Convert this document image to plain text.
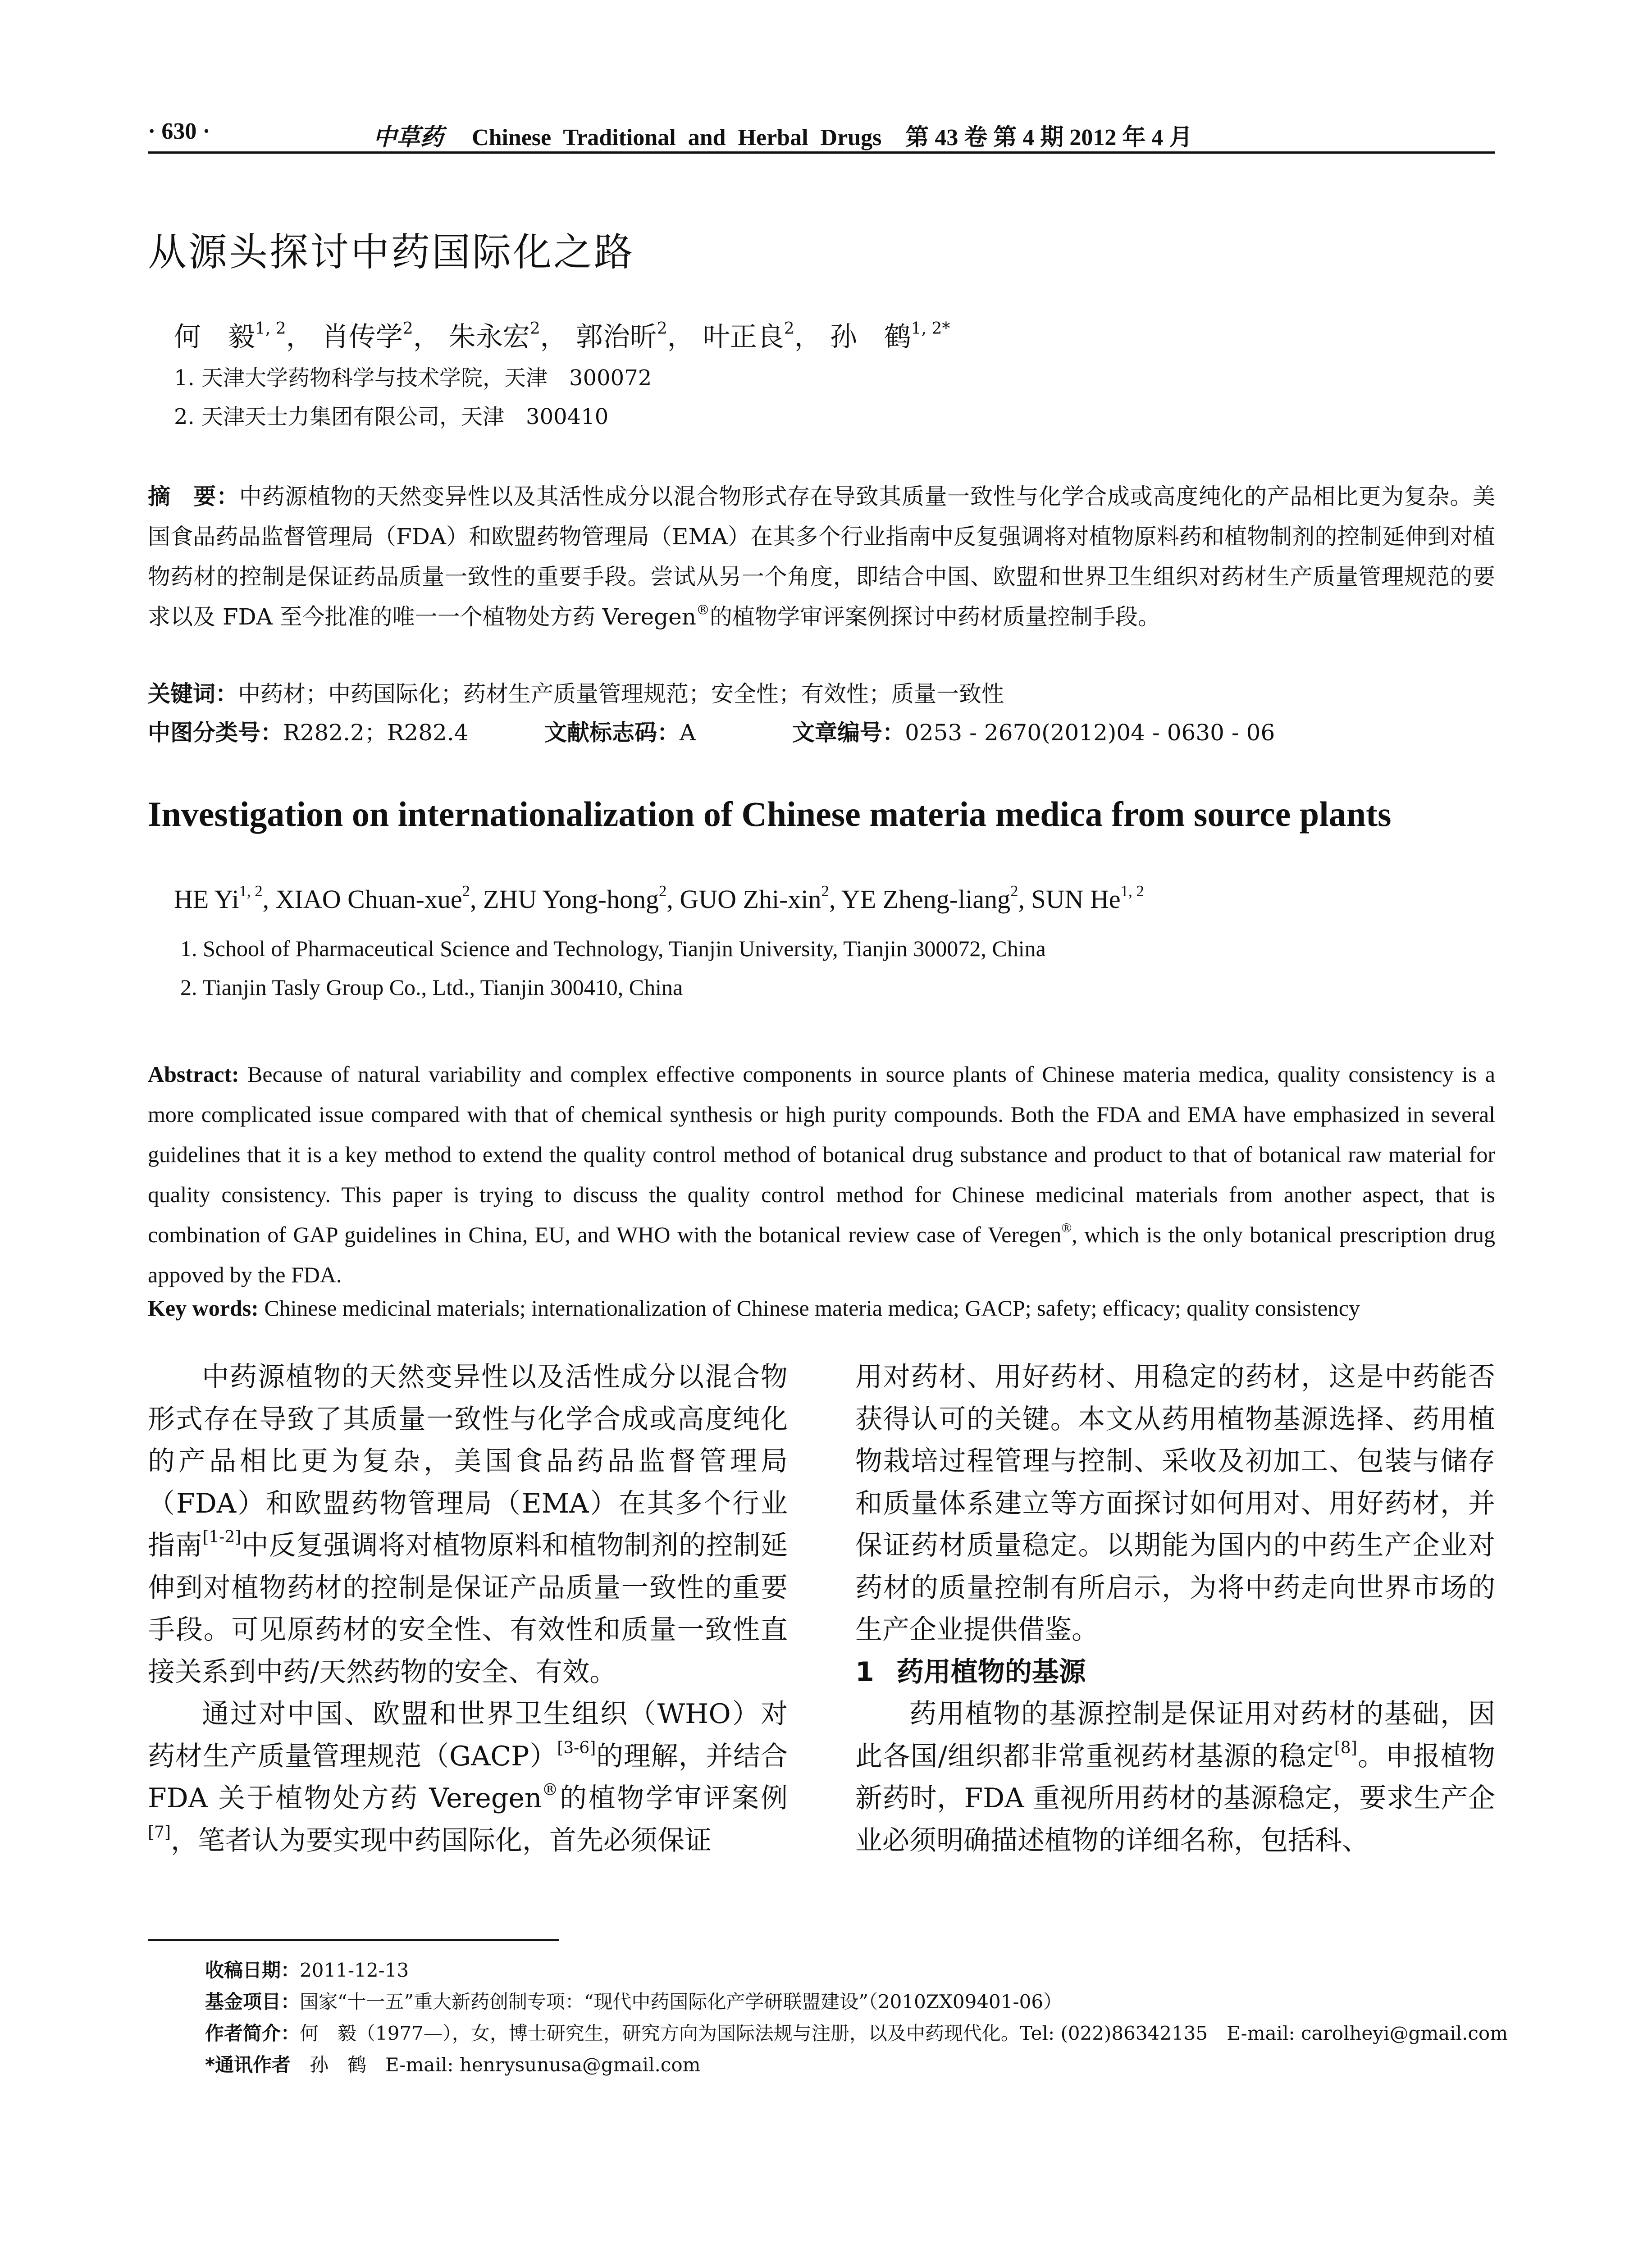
· 630 ·	中草药 Chinese Traditional and Herbal Drugs 第 43 卷 第 4 期 2012 年 4 月
从源头探讨中药国际化之路
何　毅$^{1, 2}$， 肖传学$^2$， 朱永宏$^2$， 郭治昕$^2$， 叶正良$^2$， 孙　鹤$^{1, 2*}$
1. 天津大学药物科学与技术学院，天津　300072
2. 天津天士力集团有限公司，天津　300410
摘　要：中药源植物的天然变异性以及其活性成分以混合物形式存在导致其质量一致性与化学合成或高度纯化的产品相比更为复杂。美国食品药品监督管理局（FDA）和欧盟药物管理局（EMA）在其多个行业指南中反复强调将对植物原料药和植物制剂的控制延伸到对植物药材的控制是保证药品质量一致性的重要手段。尝试从另一个角度，即结合中国、欧盟和世界卫生组织对药材生产质量管理规范的要求以及 FDA 至今批准的唯一一个植物处方药 Veregen®的植物学审评案例探讨中药材质量控制手段。
关键词：中药材；中药国际化；药材生产质量管理规范；安全性；有效性；质量一致性
中图分类号：R282.2；R282.4	文献标志码：A	文章编号：0253 - 2670(2012)04 - 0630 - 06
Investigation on internationalization of Chinese materia medica from source plants
HE Yi$^{1, 2}$, XIAO Chuan-xue$^2$, ZHU Yong-hong$^2$, GUO Zhi-xin$^2$, YE Zheng-liang$^2$, SUN He$^{1, 2}$
1. School of Pharmaceutical Science and Technology, Tianjin University, Tianjin 300072, China
2. Tianjin Tasly Group Co., Ltd., Tianjin 300410, China
Abstract: Because of natural variability and complex effective components in source plants of Chinese materia medica, quality consistency is a more complicated issue compared with that of chemical synthesis or high purity compounds. Both the FDA and EMA have emphasized in several guidelines that it is a key method to extend the quality control method of botanical drug substance and product to that of botanical raw material for quality consistency. This paper is trying to discuss the quality control method for Chinese medicinal materials from another aspect, that is combination of GAP guidelines in China, EU, and WHO with the botanical review case of Veregen®, which is the only botanical prescription drug appoved by the FDA.
Key words: Chinese medicinal materials; internationalization of Chinese materia medica; GACP; safety; efficacy; quality consistency

中药源植物的天然变异性以及活性成分以混合物形式存在导致了其质量一致性与化学合成或高度纯化的产品相比更为复杂，美国食品药品监督管理局（FDA）和欧盟药物管理局（EMA）在其多个行业指南[1-2]中反复强调将对植物原料和植物制剂的控制延伸到对植物药材的控制是保证产品质量一致性的重要手段。可见原药材的安全性、有效性和质量一致性直接关系到中药/天然药物的安全、有效。

通过对中国、欧盟和世界卫生组织（WHO）对药材生产质量管理规范（GACP）[3-6]的理解，并结合 FDA 关于植物处方药 Veregen®的植物学审评案例[7]，笔者认为要实现中药国际化，首先必须保证

用对药材、用好药材、用稳定的药材，这是中药能否获得认可的关键。本文从药用植物基源选择、药用植物栽培过程管理与控制、采收及初加工、包装与储存和质量体系建立等方面探讨如何用对、用好药材，并保证药材质量稳定。以期能为国内的中药生产企业对药材的质量控制有所启示，为将中药走向世界市场的生产企业提供借鉴。

1 药用植物的基源

药用植物的基源控制是保证用对药材的基础，因此各国/组织都非常重视药材基源的稳定[8]。申报植物新药时，FDA 重视所用药材的基源稳定，要求生产企业必须明确描述植物的详细名称，包括科、

收稿日期：2011-12-13
基金项目：国家“十一五”重大新药创制专项：“现代中药国际化产学研联盟建设”（2010ZX09401-06）
作者简介：何　毅（1977—），女，博士研究生，研究方向为国际法规与注册，以及中药现代化。Tel: (022)86342135　E-mail: carolheyi@gmail.com
*通讯作者　孙　鹤　E-mail: henrysunusa@gmail.com
